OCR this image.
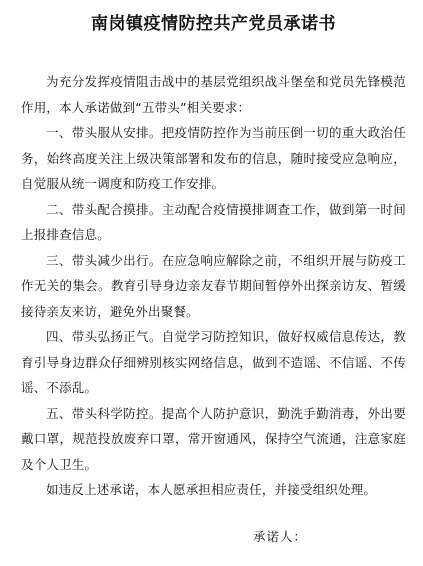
南岗镇疫情防控共产党员承诺书

为充分发挥疫情阻击战中的基层党组织战斗堡垒和党员先锋模范作用，本人承诺做到“五带头”相关要求：

一、带头服从安排。把疫情防控作为当前压倒一切的重大政治任务，始终高度关注上级决策部署和发布的信息，随时接受应急响应，自觉服从统一调度和防疫工作安排。

二、带头配合摸排。主动配合疫情摸排调查工作，做到第一时间上报排查信息。

三、带头减少出行。在应急响应解除之前，不组织开展与防疫工作无关的集会。教育引导身边亲友春节期间暂停外出探亲访友、暂缓接待亲友来访，避免外出聚餐。

四、带头弘扬正气。自觉学习防控知识，做好权威信息传达，教育引导身边群众仔细辨别核实网络信息，做到不造谣、不信谣、不传谣、不添乱。

五、带头科学防控。提高个人防护意识，勤洗手勤消毒，外出要戴口罩，规范投放废弃口罩，常开窗通风，保持空气流通，注意家庭及个人卫生。

如违反上述承诺，本人愿承担相应责任，并接受组织处理。

承诺人：
